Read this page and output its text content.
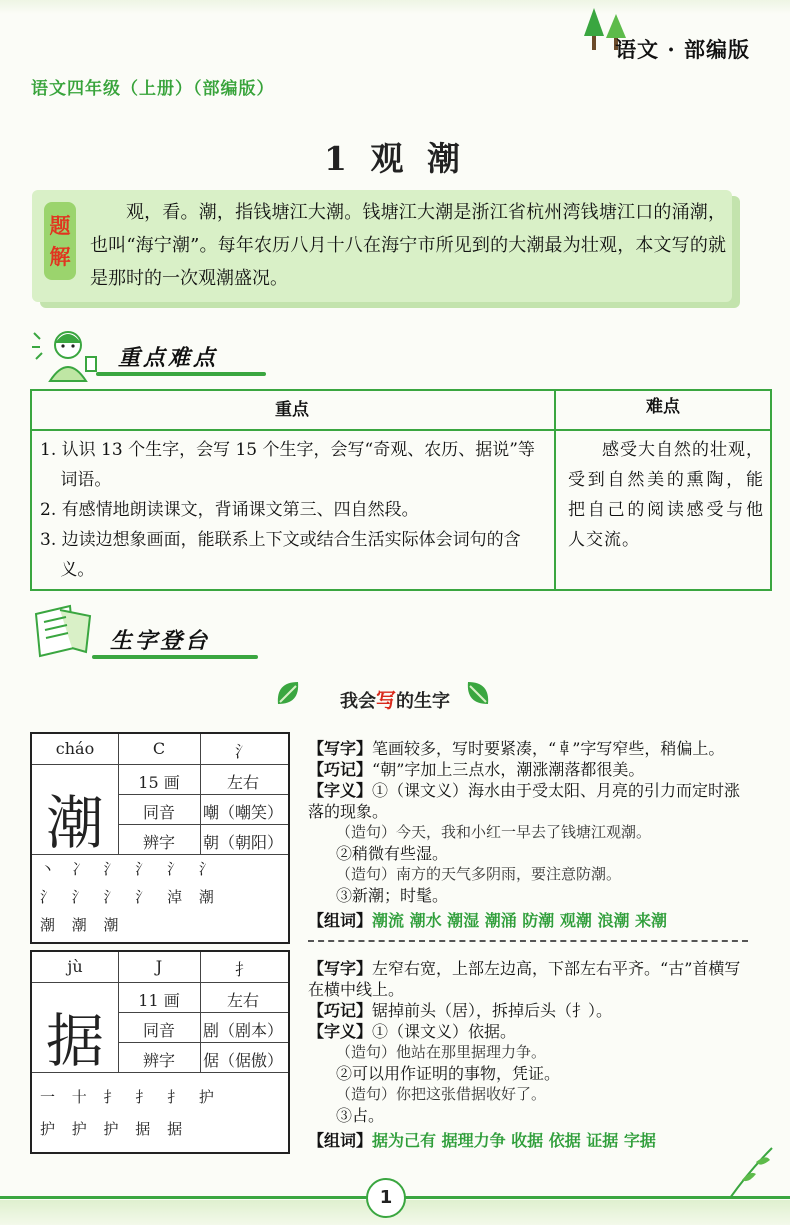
语文 · 部编版
语文四年级（上册）（部编版）
1 观 潮
题
解
观，看。潮，指钱塘江大潮。钱塘江大潮是浙江省杭州湾钱塘江口的涌潮，也叫“海宁潮”。每年农历八月十八在海宁市所见到的大潮最为壮观，本文写的就是那时的一次观潮盛况。
重点难点
重点	难点

1. 认识 13 个生字，会写 15 个生字，会写“奇观、农历、据说”等词语。

2. 有感情地朗读课文，背诵课文第三、四自然段。

3. 边读边想象画面，能联系上下文或结合生活实际体会词句的含义。	感受大自然的壮观，受到自然美的熏陶，能把自己的阅读感受与他人交流。

生字登台
我会写的生字
cháo	C	氵
潮
15 画	左右
同音	嘲（嘲笑）
辨字	朝（朝阳）
丶 冫 氵 氵 氵 氵
氵 氵 氵 氵 淖 潮
潮 潮 潮

【写字】笔画较多，写时要紧凑，“𠦝”字写窄些，稍偏上。

【巧记】“朝”字加上三点水，潮涨潮落都很美。

【字义】①（课文义）海水由于受太阳、月亮的引力而定时涨落的现象。

（造句）今天，我和小红一早去了钱塘江观潮。

②稍微有些湿。

（造句）南方的天气多阴雨，要注意防潮。

③新潮；时髦。

【组词】潮流 潮水 潮湿 潮涌 防潮 观潮 浪潮 来潮

jù	J	扌
据
11 画	左右
同音	剧（剧本）
辨字	倨（倨傲）
一 十 扌 扌 扌 护
护 护 护 据 据

【写字】左窄右宽，上部左边高，下部左右平齐。“古”首横写在横中线上。

【巧记】锯掉前头（居），拆掉后头（扌）。

【字义】①（课文义）依据。

（造句）他站在那里据理力争。

②可以用作证明的事物，凭证。

（造句）你把这张借据收好了。

③占。

【组词】据为己有 据理力争 收据 依据 证据 字据

1
